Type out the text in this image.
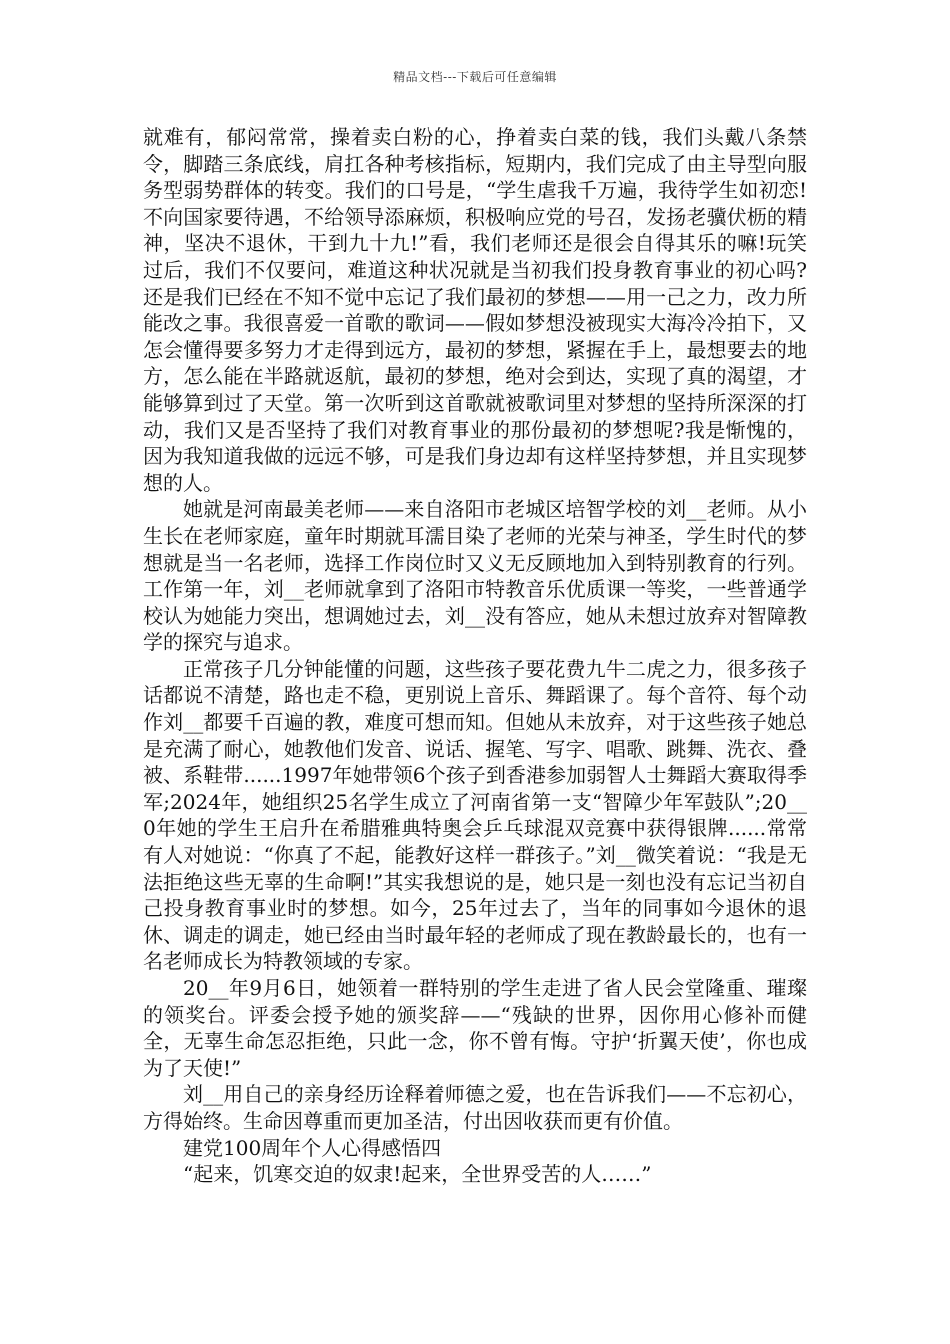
精品文档---下载后可任意编辑

就难有，郁闷常常，操着卖白粉的心，挣着卖白菜的钱，我们头戴八条禁令，脚踏三条底线，肩扛各种考核指标，短期内，我们完成了由主导型向服务型弱势群体的转变。我们的口号是，“学生虐我千万遍，我待学生如初恋!不向国家要待遇，不给领导添麻烦，积极响应党的号召，发扬老骥伏枥的精神，坚决不退休，干到九十九!”看，我们老师还是很会自得其乐的嘛!玩笑过后，我们不仅要问，难道这种状况就是当初我们投身教育事业的初心吗?还是我们已经在不知不觉中忘记了我们最初的梦想——用一己之力，改力所能改之事。我很喜爱一首歌的歌词——假如梦想没被现实大海冷冷拍下，又怎会懂得要多努力才走得到远方，最初的梦想，紧握在手上，最想要去的地方，怎么能在半路就返航，最初的梦想，绝对会到达，实现了真的渴望，才能够算到过了天堂。第一次听到这首歌就被歌词里对梦想的坚持所深深的打动，我们又是否坚持了我们对教育事业的那份最初的梦想呢?我是惭愧的，因为我知道我做的远远不够，可是我们身边却有这样坚持梦想，并且实现梦想的人。

她就是河南最美老师——来自洛阳市老城区培智学校的刘__老师。从小生长在老师家庭，童年时期就耳濡目染了老师的光荣与神圣，学生时代的梦想就是当一名老师，选择工作岗位时又义无反顾地加入到特别教育的行列。工作第一年，刘__老师就拿到了洛阳市特教音乐优质课一等奖，一些普通学校认为她能力突出，想调她过去，刘__没有答应，她从未想过放弃对智障教学的探究与追求。

正常孩子几分钟能懂的问题，这些孩子要花费九牛二虎之力，很多孩子话都说不清楚，路也走不稳，更别说上音乐、舞蹈课了。每个音符、每个动作刘__都要千百遍的教，难度可想而知。但她从未放弃，对于这些孩子她总是充满了耐心，她教他们发音、说话、握笔、写字、唱歌、跳舞、洗衣、叠被、系鞋带......1997年她带领6个孩子到香港参加弱智人士舞蹈大赛取得季军;2024年，她组织25名学生成立了河南省第一支“智障少年军鼓队”;20__0年她的学生王启升在希腊雅典特奥会乒乓球混双竞赛中获得银牌......常常有人对她说：“你真了不起，能教好这样一群孩子。”刘__微笑着说：“我是无法拒绝这些无辜的生命啊!”其实我想说的是，她只是一刻也没有忘记当初自己投身教育事业时的梦想。如今，25年过去了，当年的同事如今退休的退休、调走的调走，她已经由当时最年轻的老师成了现在教龄最长的，也有一名老师成长为特教领域的专家。

20__年9月6日，她领着一群特别的学生走进了省人民会堂隆重、璀璨的领奖台。评委会授予她的颁奖辞——“残缺的世界，因你用心修补而健全，无辜生命怎忍拒绝，只此一念，你不曾有悔。守护‘折翼天使’，你也成为了天使!”

刘__用自己的亲身经历诠释着师德之爱，也在告诉我们——不忘初心，方得始终。生命因尊重而更加圣洁，付出因收获而更有价值。

建党100周年个人心得感悟四

“起来，饥寒交迫的奴隶!起来，全世界受苦的人……”
